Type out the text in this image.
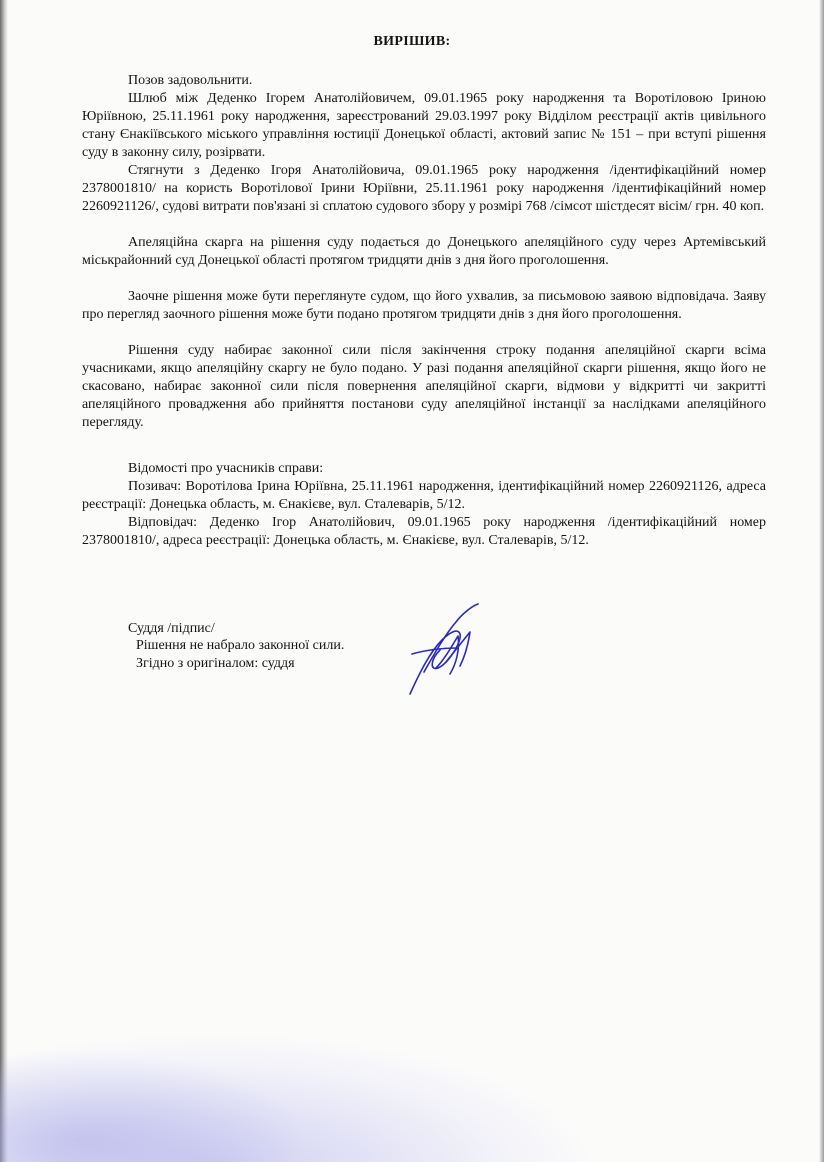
ВИРІШИВ:

Позов задовольнити.

Шлюб між Деденко Ігорем Анатолійовичем, 09.01.1965 року народження та Воротіловою Іриною Юріївною, 25.11.1961 року народження, зареєстрований 29.03.1997 року Відділом реєстрації актів цивільного стану Єнакіївського міського управління юстиції Донецької області, актовий запис № 151 – при вступі рішення суду в законну силу, розірвати.

Стягнути з Деденко Ігоря Анатолійовича, 09.01.1965 року народження /ідентифікаційний номер 2378001810/ на користь Воротілової Ірини Юріївни, 25.11.1961 року народження /ідентифікаційний номер 2260921126/, судові витрати пов'язані зі сплатою судового збору у розмірі 768 /сімсот шістдесят вісім/ грн. 40 коп.

Апеляційна скарга на рішення суду подається до Донецького апеляційного суду через Артемівський міськрайонний суд Донецької області протягом тридцяти днів з дня його проголошення.

Заочне рішення може бути переглянуте судом, що його ухвалив, за письмовою заявою відповідача. Заяву про перегляд заочного рішення може бути подано протягом тридцяти днів з дня його проголошення.

Рішення суду набирає законної сили після закінчення строку подання апеляційної скарги всіма учасниками, якщо апеляційну скаргу не було подано. У разі подання апеляційної скарги рішення, якщо його не скасовано, набирає законної сили після повернення апеляційної скарги, відмови у відкритті чи закритті апеляційного провадження або прийняття постанови суду апеляційної інстанції за наслідками апеляційного перегляду.

Відомості про учасників справи:

Позивач: Воротілова Ірина Юріївна, 25.11.1961 народження, ідентифікаційний номер 2260921126, адреса реєстрації: Донецька область, м. Єнакієве, вул. Сталеварів, 5/12.

Відповідач: Деденко Ігор Анатолійович, 09.01.1965 року народження /ідентифікаційний номер 2378001810/, адреса реєстрації: Донецька область, м. Єнакієве, вул. Сталеварів, 5/12.

Суддя /підпис/

Рішення не набрало законної сили.

Згідно з оригіналом: суддя
